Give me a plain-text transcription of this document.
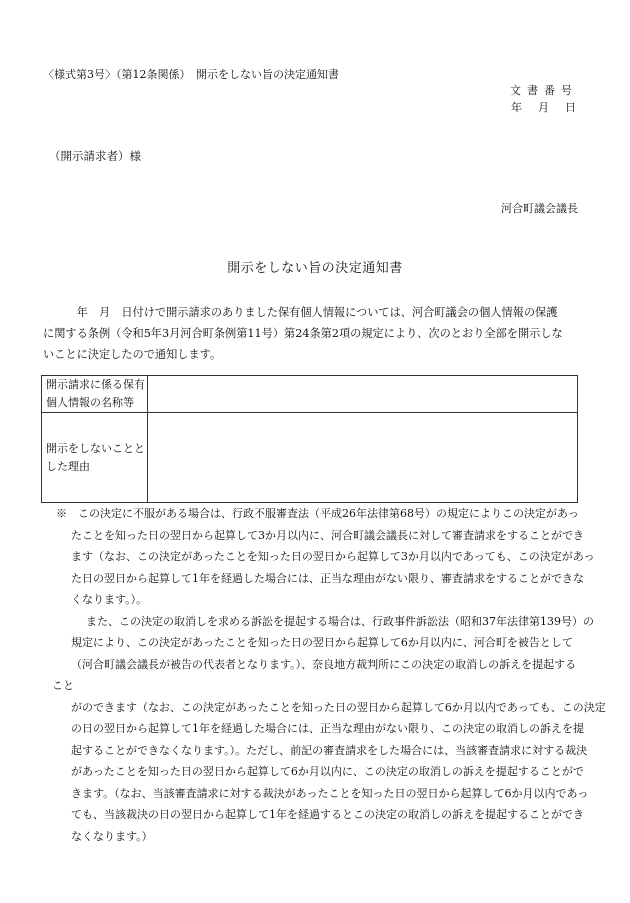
〈様式第3号〉（第12条関係）　開示をしない旨の決定通知書
文書番号
年 月 日
（開示請求者）様
河合町議会議長
開示をしない旨の決定通知書
　　　年　月　日付けで開示請求のありました保有個人情報については、河合町議会の個人情報の保護
に関する条例（令和5年3月河合町条例第11号）第24条第2項の規定により、次のとおり全部を開示しな
いことに決定したので通知します。
開示請求に係る保有
個人情報の名称等	

開示をしないことと
した理由	

※　この決定に不服がある場合は、行政不服審査法（平成26年法律第68号）の規定によりこの決定があっ
たことを知った日の翌日から起算して3か月以内に、河合町議会議長に対して審査請求をすることができ
ます（なお、この決定があったことを知った日の翌日から起算して3か月以内であっても、この決定があっ
た日の翌日から起算して1年を経過した場合には、正当な理由がない限り、審査請求をすることができな
くなります。）。
また、この決定の取消しを求める訴訟を提起する場合は、行政事件訴訟法（昭和37年法律第139号）の
規定により、この決定があったことを知った日の翌日から起算して6か月以内に、河合町を被告として
（河合町議会議長が被告の代表者となります。）、奈良地方裁判所にこの決定の取消しの訴えを提起する
こと
がのできます（なお、この決定があったことを知った日の翌日から起算して6か月以内であっても、この決定
の日の翌日から起算して1年を経過した場合には、正当な理由がない限り、この決定の取消しの訴えを提
起することができなくなります。）。ただし、前記の審査請求をした場合には、当該審査請求に対する裁決
があったことを知った日の翌日から起算して6か月以内に、この決定の取消しの訴えを提起することがで
きます。（なお、当該審査請求に対する裁決があったことを知った日の翌日から起算して6か月以内であっ
ても、当該裁決の日の翌日から起算して1年を経過するとこの決定の取消しの訴えを提起することができ
なくなります。）
